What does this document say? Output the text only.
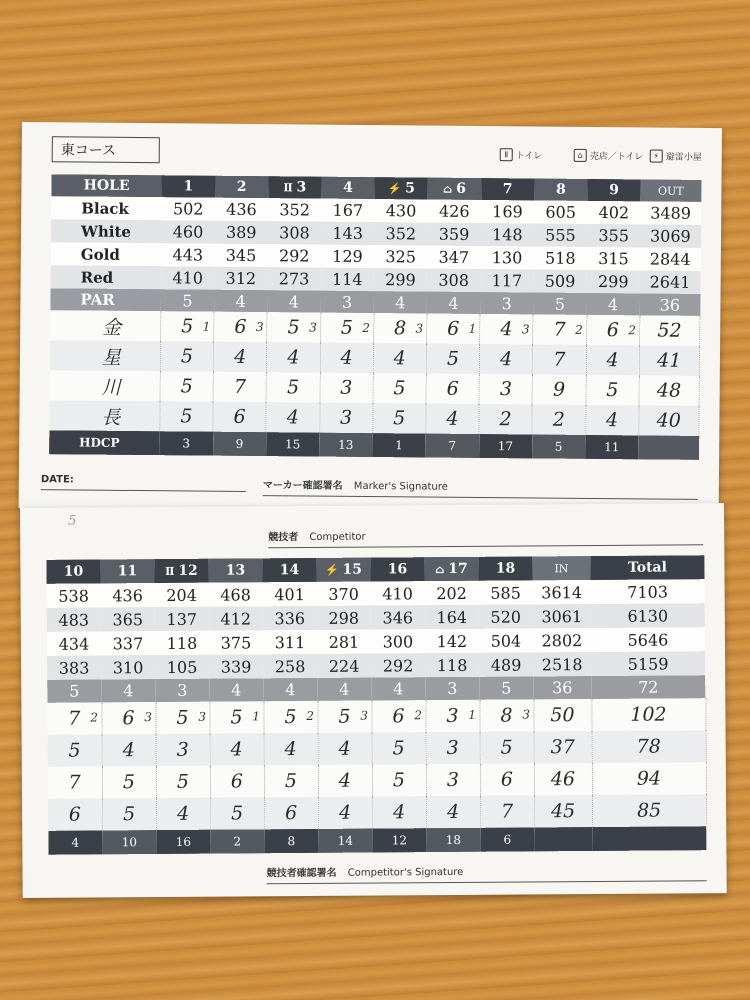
東コース	Ⅱ トイレ	⌂ 売店／トイレ	⚡ 避雷小屋
HOLE	1	2	Ⅱ 3	4	⚡ 5	⌂ 6	7	8	9	OUT
Black	502	436	352	167	430	426	169	605	402	3489
White	460	389	308	143	352	359	148	555	355	3069
Gold	443	345	292	129	325	347	130	518	315	2844
Red	410	312	273	114	299	308	117	509	299	2641
PAR	5	4	4	3	4	4	3	5	4	36
金	5 1	6 3	5 3	5 2	8 3	6 1	4 3	7 2	6 2	52
星	5	4	4	4	4	5	4	7	4	41
川	5	7	5	3	5	6	3	9	5	48
長	5	6	4	3	5	4	2	2	4	40
HDCP	3	9	15	13	1	7	17	5	11	
DATE:
マーカー確認署名 Marker's Signature
5
競技者 Competitor
10	11	Ⅱ 12	13	14	⚡ 15	16	⌂ 17	18	IN	Total
538	436	204	468	401	370	410	202	585	3614	7103
483	365	137	412	336	298	346	164	520	3061	6130
434	337	118	375	311	281	300	142	504	2802	5646
383	310	105	339	258	224	292	118	489	2518	5159
5	4	3	4	4	4	4	3	5	36	72
7 2	6 3	5 3	5 1	5 2	5 3	6 2	3 1	8 3	50	102
5	4	3	4	4	4	5	3	5	37	78
7	5	5	6	5	4	5	3	6	46	94
6	5	4	5	6	4	4	4	7	45	85
4	10	16	2	8	14	12	18	6		
競技者確認署名 Competitor's Signature
